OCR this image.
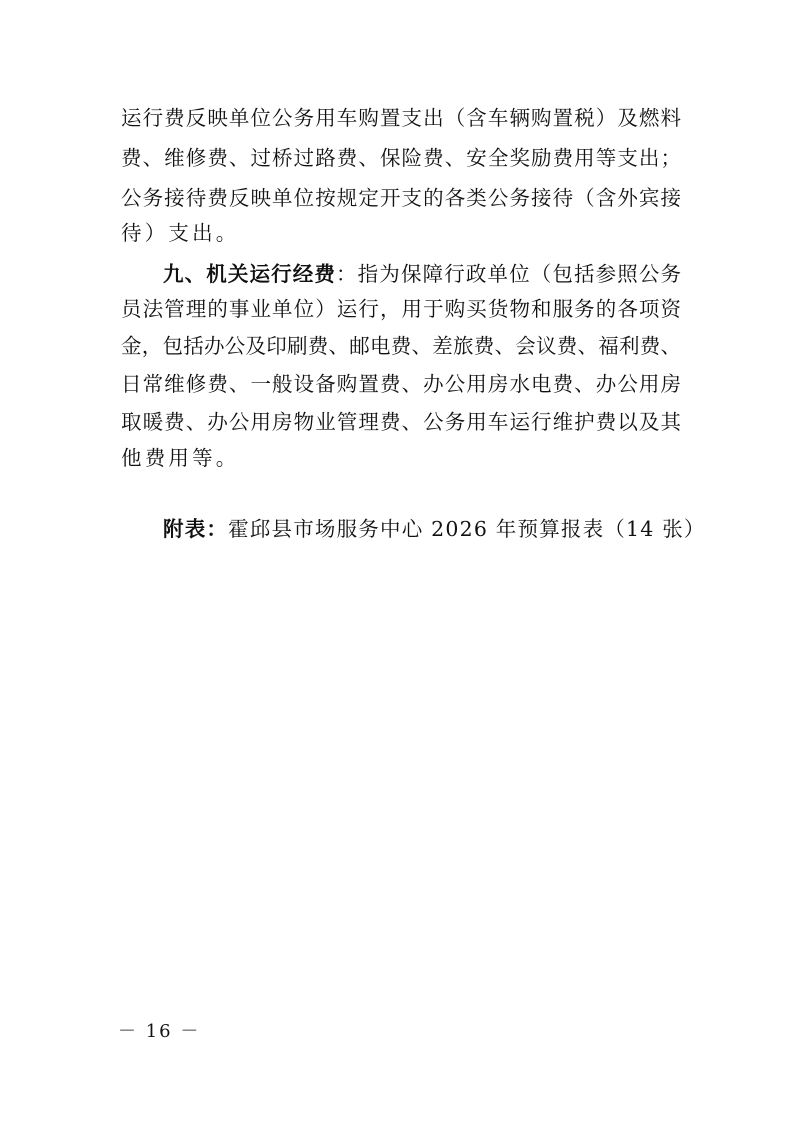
运行费反映单位公务用车购置支出（含车辆购置税）及燃料
费、维修费、过桥过路费、保险费、安全奖励费用等支出；
公务接待费反映单位按规定开支的各类公务接待（含外宾接
待）支出。
九、机关运行经费：指为保障行政单位（包括参照公务
员法管理的事业单位）运行，用于购买货物和服务的各项资
金，包括办公及印刷费、邮电费、差旅费、会议费、福利费、
日常维修费、一般设备购置费、办公用房水电费、办公用房
取暖费、办公用房物业管理费、公务用车运行维护费以及其
他费用等。
附表：霍邱县市场服务中心 2026 年预算报表（14 张）
－ 16 －
